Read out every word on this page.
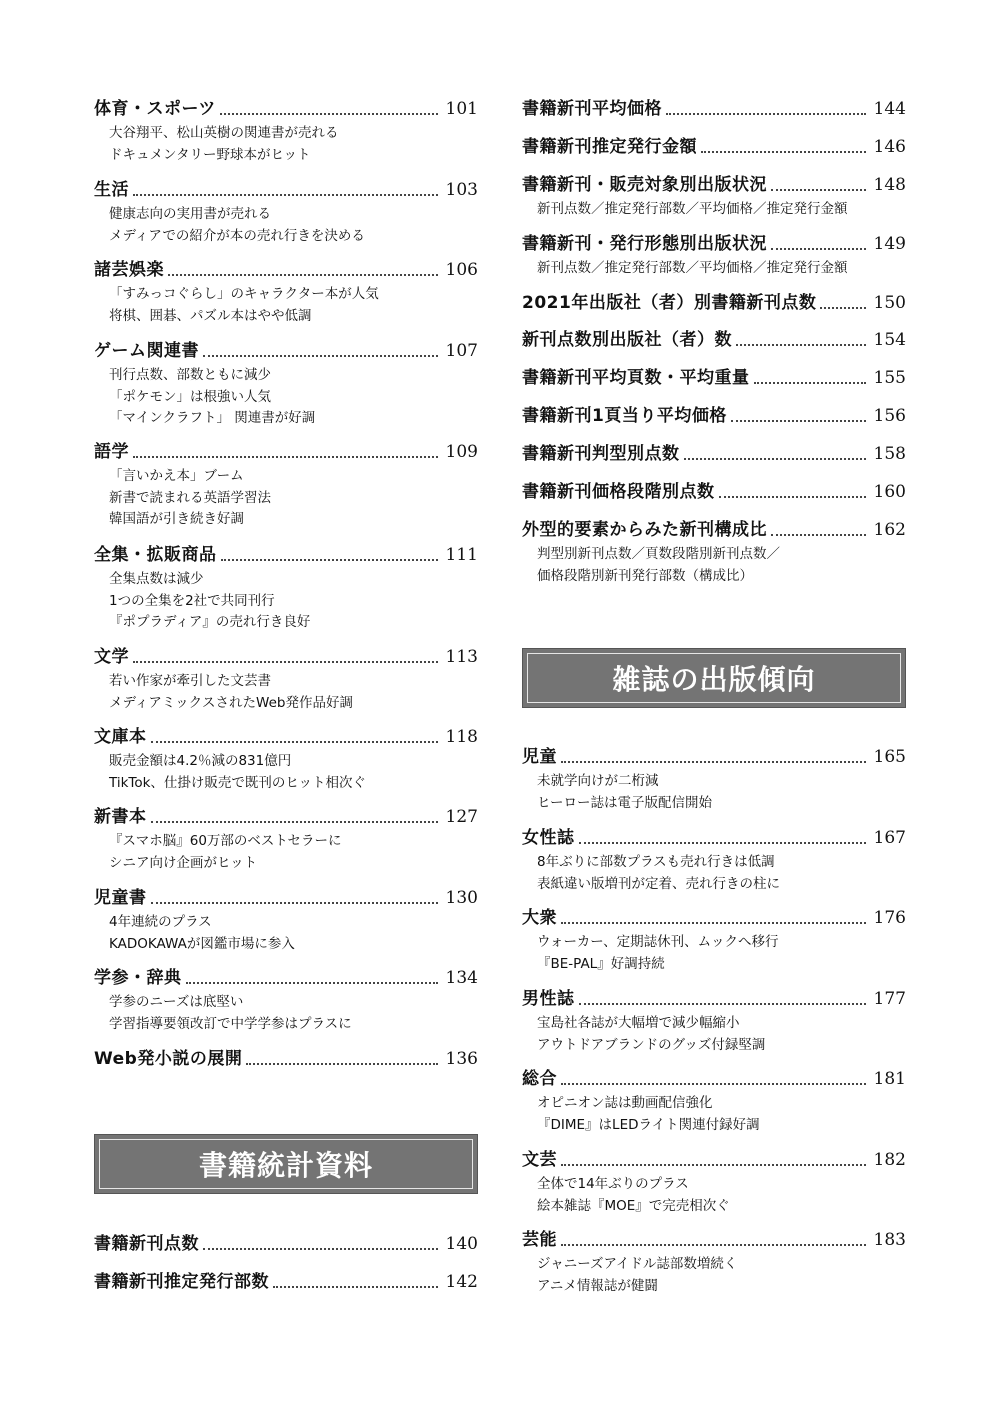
書籍統計資料
体育・スポーツ	101
大谷翔平、松山英樹の関連書が売れる
ドキュメンタリー野球本がヒット
生活	103
健康志向の実用書が売れる
メディアでの紹介が本の売れ行きを決める
諸芸娯楽	106
「すみっコぐらし」のキャラクター本が人気
将棋、囲碁、パズル本はやや低調
ゲーム関連書	107
刊行点数、部数ともに減少
「ポケモン」は根強い人気
「マインクラフト」 関連書が好調
語学	109
「言いかえ本」ブーム
新書で読まれる英語学習法
韓国語が引き続き好調
全集・拡販商品	111
全集点数は減少
1つの全集を2社で共同刊行
『ポプラディア』の売れ行き良好
文学	113
若い作家が牽引した文芸書
メディアミックスされたWeb発作品好調
文庫本	118
販売金額は4.2％減の831億円
TikTok、仕掛け販売で既刊のヒット相次ぐ
新書本	127
『スマホ脳』60万部のベストセラーに
シニア向け企画がヒット
児童書	130
4年連続のプラス
KADOKAWAが図鑑市場に参入
学参・辞典	134
学参のニーズは底堅い
学習指導要領改訂で中学学参はプラスに
Web発小説の展開	136
書籍新刊点数	140
書籍新刊推定発行部数	142
雑誌の出版傾向
書籍新刊平均価格	144
書籍新刊推定発行金額	146
書籍新刊・販売対象別出版状況	148
新刊点数／推定発行部数／平均価格／推定発行金額
書籍新刊・発行形態別出版状況	149
新刊点数／推定発行部数／平均価格／推定発行金額
2021年出版社（者）別書籍新刊点数	150
新刊点数別出版社（者）数	154
書籍新刊平均頁数・平均重量	155
書籍新刊1頁当り平均価格	156
書籍新刊判型別点数	158
書籍新刊価格段階別点数	160
外型的要素からみた新刊構成比	162
判型別新刊点数／頁数段階別新刊点数／
価格段階別新刊発行部数（構成比）
児童	165
未就学向けが二桁減
ヒーロー誌は電子版配信開始
女性誌	167
8年ぶりに部数プラスも売れ行きは低調
表紙違い版増刊が定着、売れ行きの柱に
大衆	176
ウォーカー、定期誌休刊、ムックへ移行
『BE-PAL』好調持続
男性誌	177
宝島社各誌が大幅増で減少幅縮小
アウトドアブランドのグッズ付録堅調
総合	181
オピニオン誌は動画配信強化
『DIME』はLEDライト関連付録好調
文芸	182
全体で14年ぶりのプラス
絵本雑誌『MOE』で完売相次ぐ
芸能	183
ジャニーズアイドル誌部数増続く
アニメ情報誌が健闘
